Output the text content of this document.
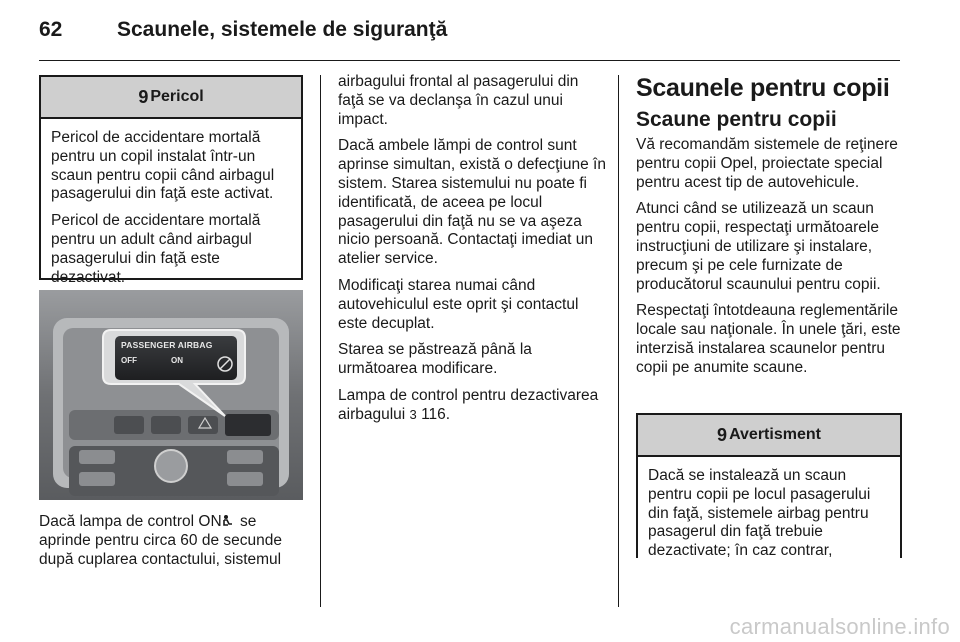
62	Scaunele, sistemele de siguranţă
9 Pericol

Pericol de accidentare mortală pentru un copil instalat într-un scaun pentru copii când airbagul pasagerului din faţă este activat.

Pericol de accidentare mortală pentru un adult când airbagul pasagerului din faţă este dezactivat.

PASSENGER AIRBAG
OFF	ON

Dacă lampa de control ON se aprinde pentru circa 60 de secunde după cuplarea contactului, sistemul

airbagului frontal al pasagerului din faţă se va declanşa în cazul unui impact.

Dacă ambele lămpi de control sunt aprinse simultan, există o defecţiune în sistem. Starea sistemului nu poate fi identificată, de aceea pe locul pasagerului din faţă nu se va aşeza nicio persoană. Contactaţi imediat un atelier service.

Modificaţi starea numai când autovehiculul este oprit şi contactul este decuplat.

Starea se păstrează până la următoarea modificare.

Lampa de control pentru dezactivarea airbagului 3 116.

Scaunele pentru copii
Scaune pentru copii

Vă recomandăm sistemele de reţinere pentru copii Opel, proiectate special pentru acest tip de autovehicule.

Atunci când se utilizează un scaun pentru copii, respectaţi următoarele instrucţiuni de utilizare şi instalare, precum şi pe cele furnizate de producătorul scaunului pentru copii.

Respectaţi întotdeauna reglementările locale sau naţionale. În unele ţări, este interzisă instalarea scaunelor pentru copii pe anumite scaune.

9 Avertisment

Dacă se instalează un scaun pentru copii pe locul pasagerului din faţă, sistemele airbag pentru pasagerul din faţă trebuie dezactivate; în caz contrar,

carmanualsonline.info
